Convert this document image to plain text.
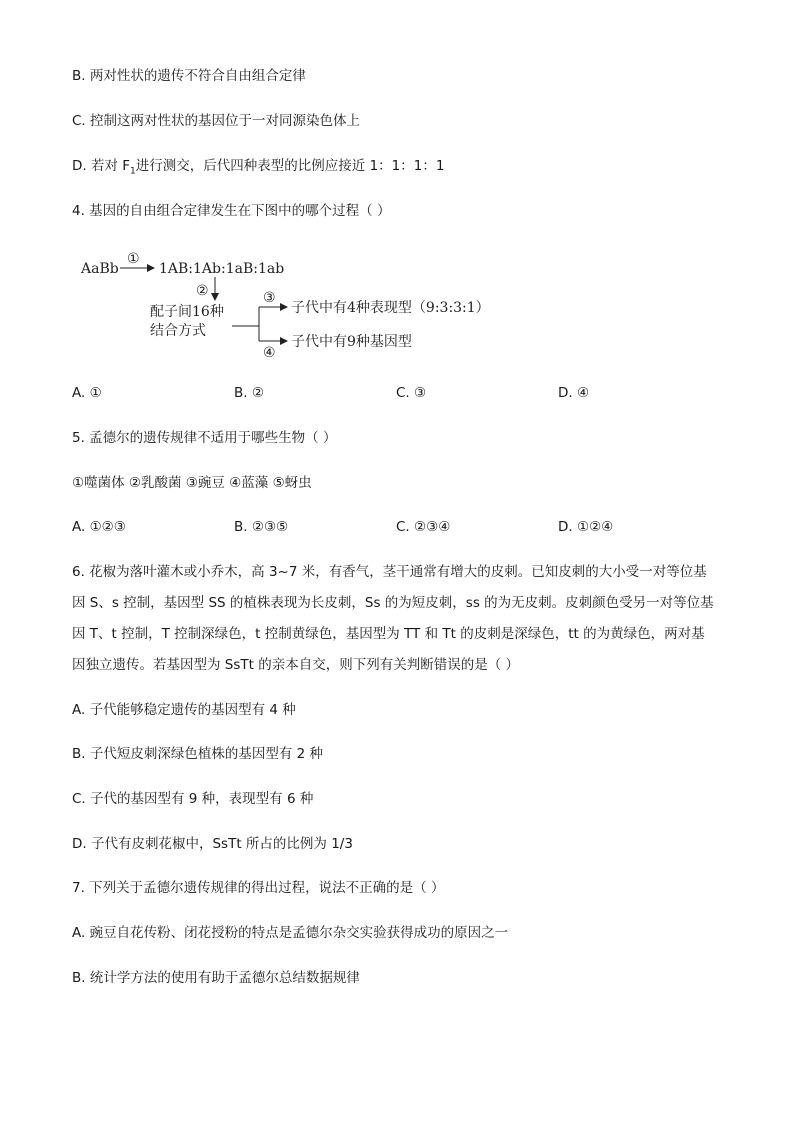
B. 两对性状的遗传不符合自由组合定律
C. 控制这两对性状的基因位于一对同源染色体上
D. 若对 $F_1$进行测交，后代四种表型的比例应接近 1：1：1：1
4. 基因的自由组合定律发生在下图中的哪个过程（ ）
AaBb
①
1AB:1Ab:1aB:1ab
②
配子间16种
结合方式
③
④
子代中有4种表现型（9:3:3:1）
子代中有9种基因型
A. ①	B. ②	C. ③	D. ④
5. 孟德尔的遗传规律不适用于哪些生物（ ）
①噬菌体 ②乳酸菌 ③豌豆 ④蓝藻 ⑤蚜虫
A. ①②③	B. ②③⑤	C. ②③④	D. ①②④
6. 花椒为落叶灌木或小乔木，高 3~7 米，有香气，茎干通常有增大的皮刺。已知皮刺的大小受一对等位基
因 S、s 控制，基因型 SS 的植株表现为长皮刺，Ss 的为短皮刺，ss 的为无皮刺。皮刺颜色受另一对等位基
因 T、t 控制，T 控制深绿色，t 控制黄绿色，基因型为 TT 和 Tt 的皮刺是深绿色，tt 的为黄绿色，两对基
因独立遗传。若基因型为 SsTt 的亲本自交，则下列有关判断错误的是（ ）
A. 子代能够稳定遗传的基因型有 4 种
B. 子代短皮刺深绿色植株的基因型有 2 种
C. 子代的基因型有 9 种，表现型有 6 种
D. 子代有皮刺花椒中，SsTt 所占的比例为 1/3
7. 下列关于孟德尔遗传规律的得出过程，说法不正确的是（ ）
A. 豌豆自花传粉、闭花授粉的特点是孟德尔杂交实验获得成功的原因之一
B. 统计学方法的使用有助于孟德尔总结数据规律
